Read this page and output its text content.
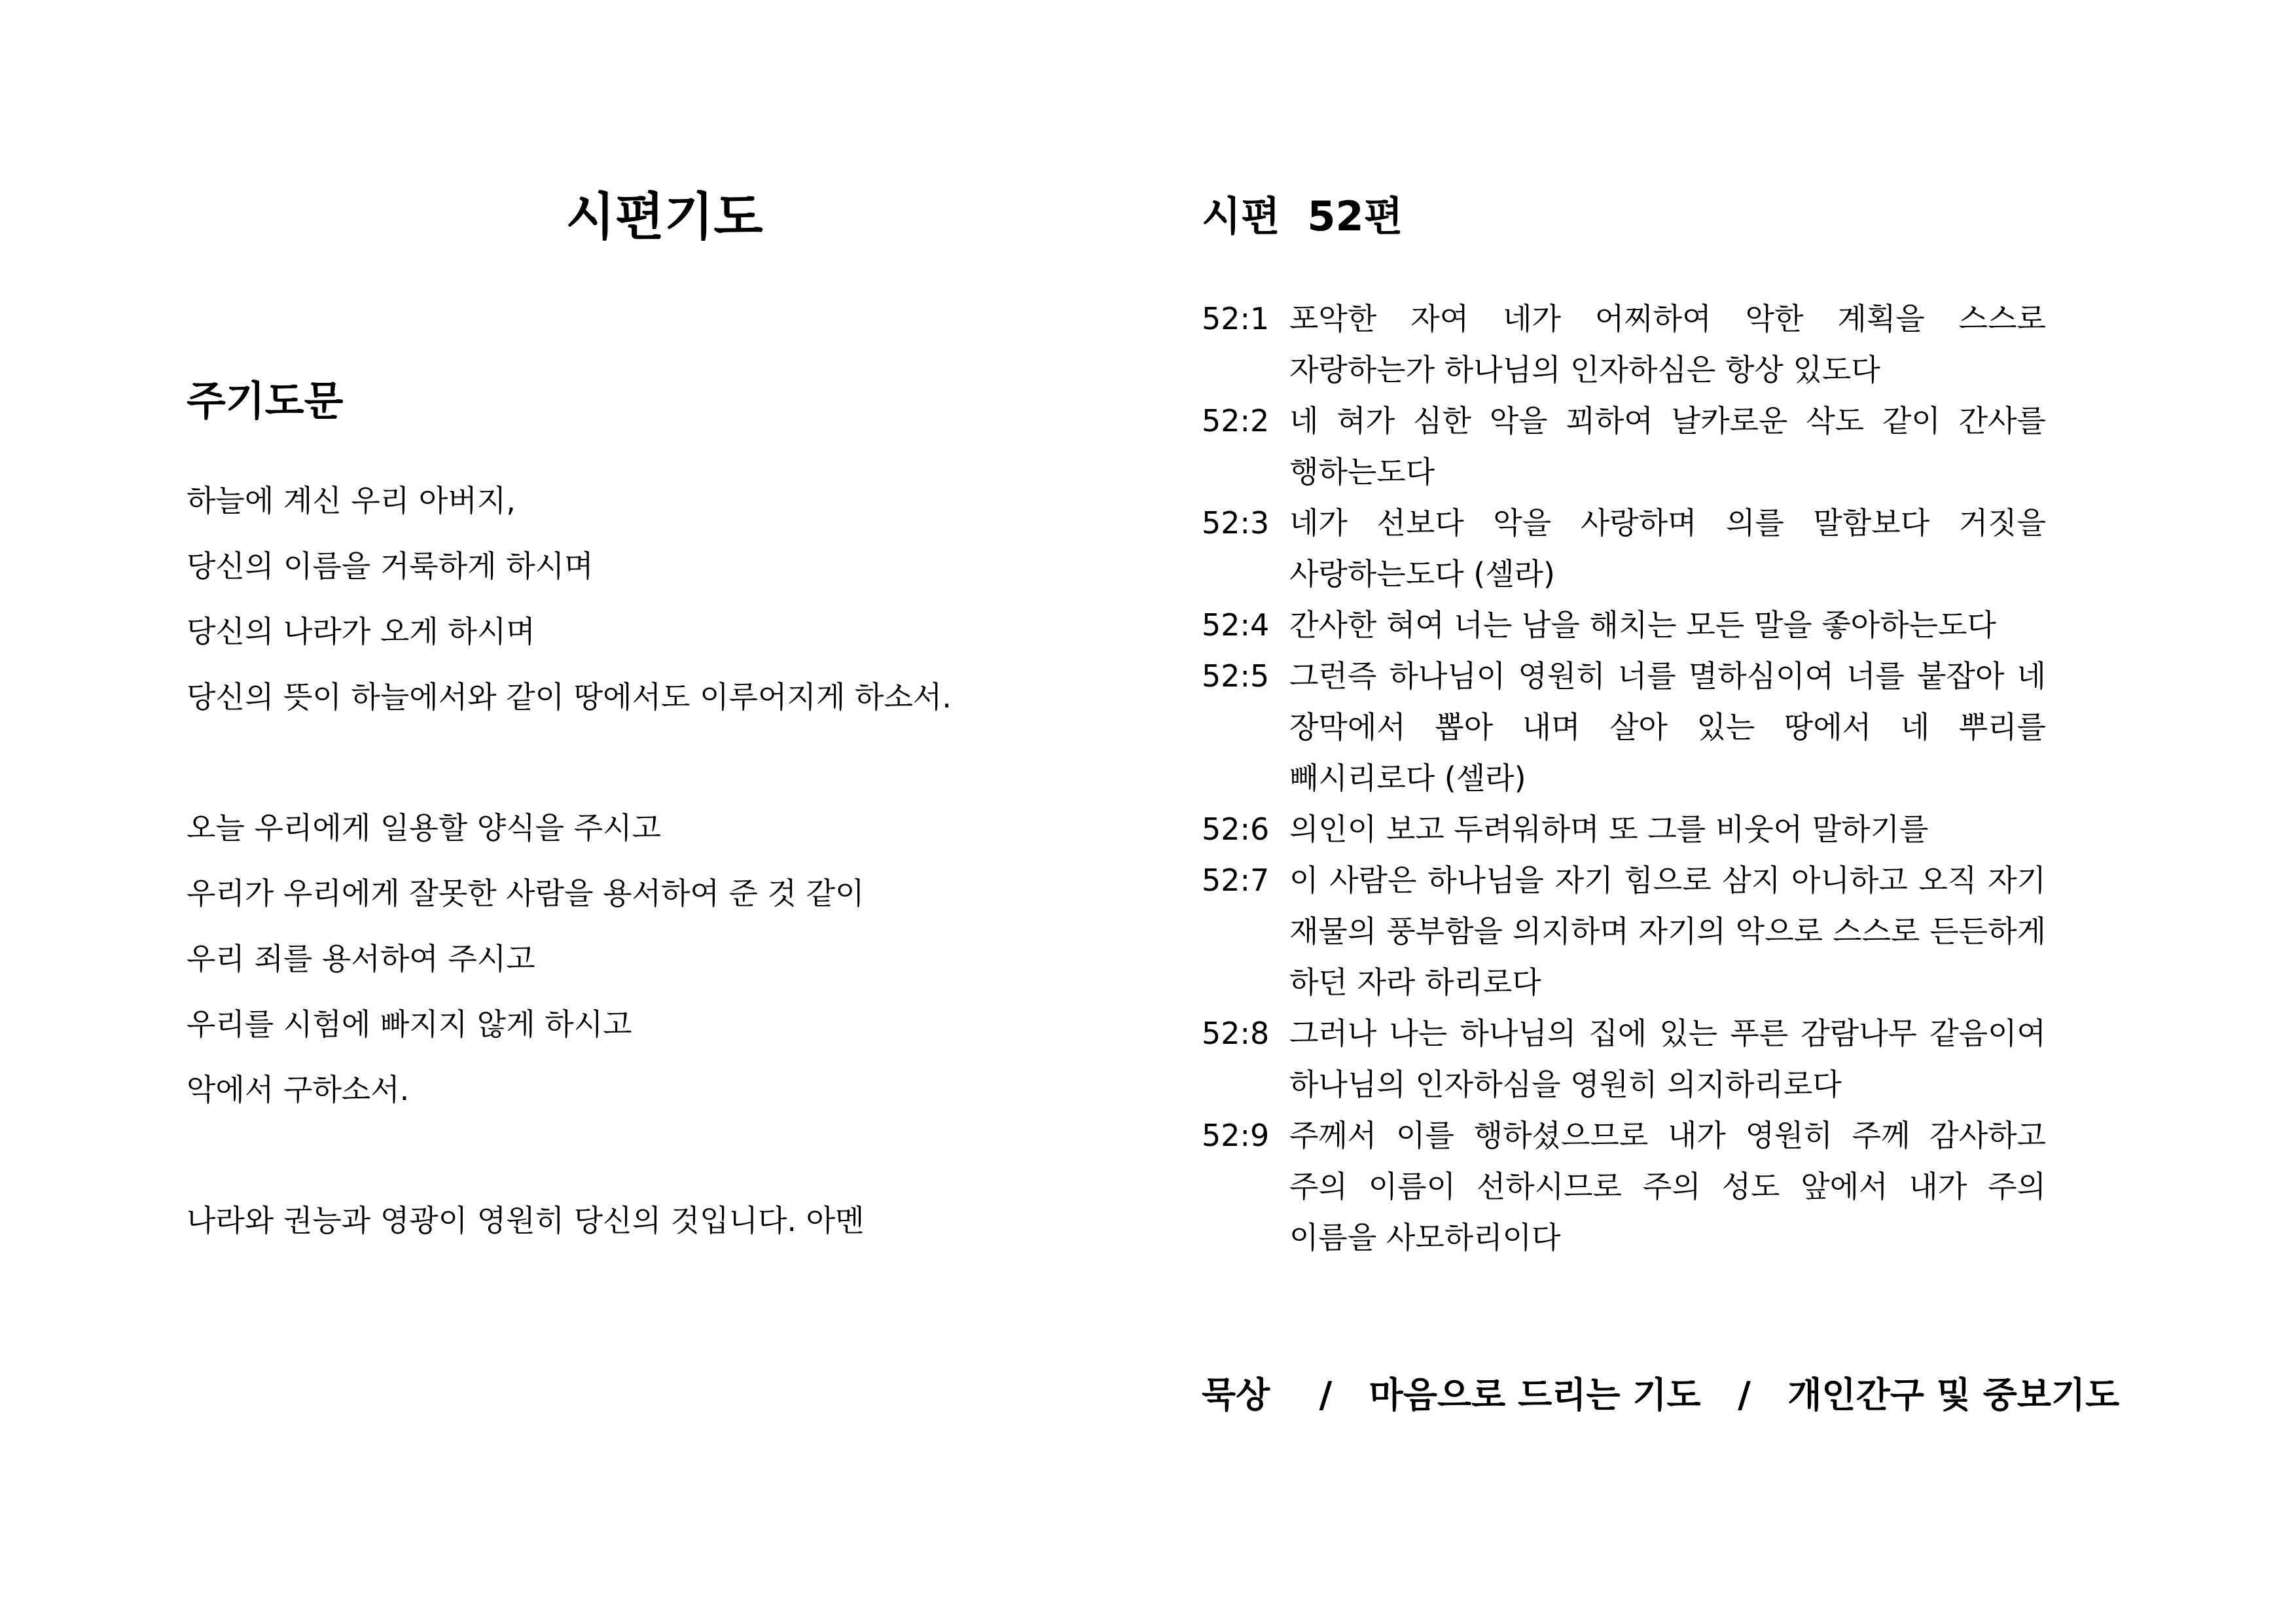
시편기도
주기도문
하늘에 계신 우리 아버지,
당신의 이름을 거룩하게 하시며
당신의 나라가 오게 하시며
당신의 뜻이 하늘에서와 같이 땅에서도 이루어지게 하소서.
오늘 우리에게 일용할 양식을 주시고
우리가 우리에게 잘못한 사람을 용서하여 준 것 같이
우리 죄를 용서하여 주시고
우리를 시험에 빠지지 않게 하시고
악에서 구하소서.
나라와 권능과 영광이 영원히 당신의 것입니다. 아멘
시편 52편
52:1 포악한 자여 네가 어찌하여 악한 계획을 스스로 자랑하는가 하나님의 인자하심은 항상 있도다
52:2 네 혀가 심한 악을 꾀하여 날카로운 삭도 같이 간사를 행하는도다
52:3 네가 선보다 악을 사랑하며 의를 말함보다 거짓을 사랑하는도다 (셀라)
52:4 간사한 혀여 너는 남을 해치는 모든 말을 좋아하는도다
52:5 그런즉 하나님이 영원히 너를 멸하심이여 너를 붙잡아 네 장막에서 뽑아 내며 살아 있는 땅에서 네 뿌리를 빼시리로다 (셀라)
52:6 의인이 보고 두려워하며 또 그를 비웃어 말하기를
52:7 이 사람은 하나님을 자기 힘으로 삼지 아니하고 오직 자기 재물의 풍부함을 의지하며 자기의 악으로 스스로 든든하게 하던 자라 하리로다
52:8 그러나 나는 하나님의 집에 있는 푸른 감람나무 같음이여 하나님의 인자하심을 영원히 의지하리로다
52:9 주께서 이를 행하셨으므로 내가 영원히 주께 감사하고 주의 이름이 선하시므로 주의 성도 앞에서 내가 주의 이름을 사모하리이다
묵상    /   마음으로 드리는 기도   /   개인간구 및 중보기도
